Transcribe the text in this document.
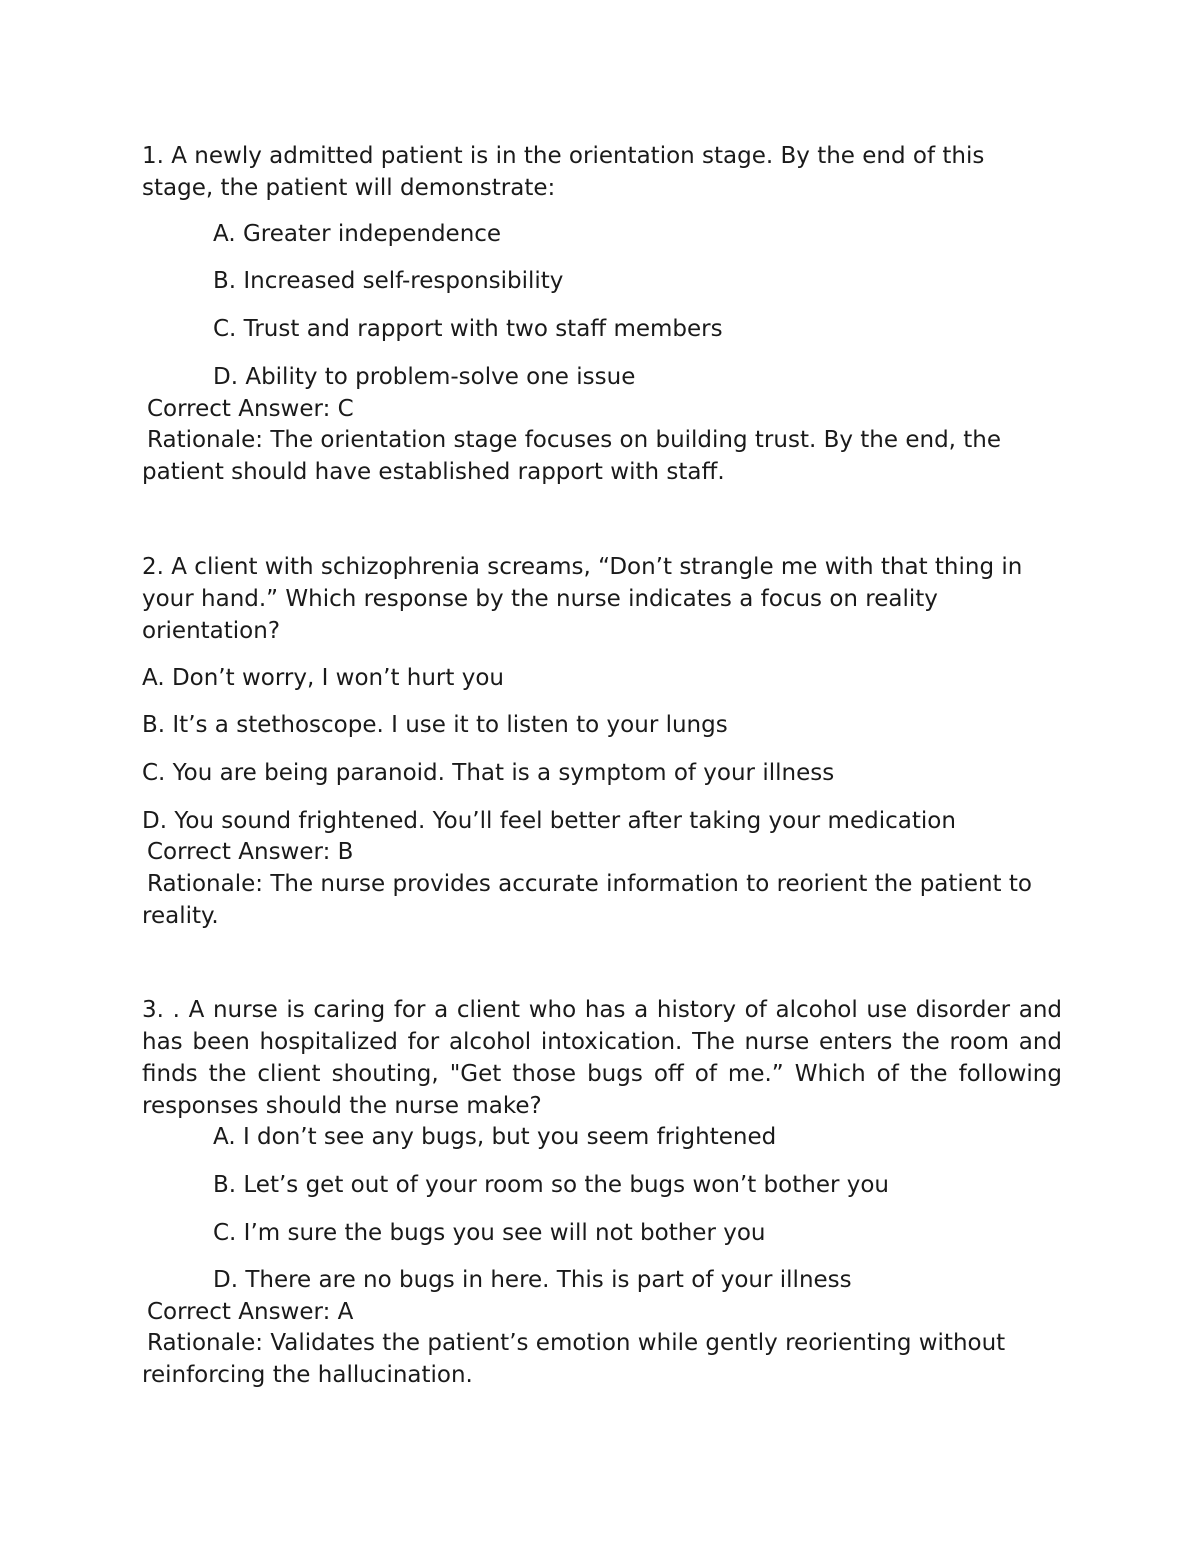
1. A newly admitted patient is in the orientation stage. By the end of this stage, the patient will demonstrate:
A. Greater independence
B. Increased self-responsibility
C. Trust and rapport with two staff members
D. Ability to problem-solve one issue
Correct Answer: C
Rationale: The orientation stage focuses on building trust. By the end, the patient should have established rapport with staff.
2. A client with schizophrenia screams, “Don’t strangle me with that thing in your hand.” Which response by the nurse indicates a focus on reality orientation?
A. Don’t worry, I won’t hurt you
B. It’s a stethoscope. I use it to listen to your lungs
C. You are being paranoid. That is a symptom of your illness
D. You sound frightened. You’ll feel better after taking your medication
Correct Answer: B
Rationale: The nurse provides accurate information to reorient the patient to reality.
3. . A nurse is caring for a client who has a history of alcohol use disorder and has been hospitalized for alcohol intoxication. The nurse enters the room and finds the client shouting, "Get those bugs off of me.” Which of the following responses should the nurse make?
A. I don’t see any bugs, but you seem frightened
B. Let’s get out of your room so the bugs won’t bother you
C. I’m sure the bugs you see will not bother you
D. There are no bugs in here. This is part of your illness
Correct Answer: A
Rationale: Validates the patient’s emotion while gently reorienting without reinforcing the hallucination.
